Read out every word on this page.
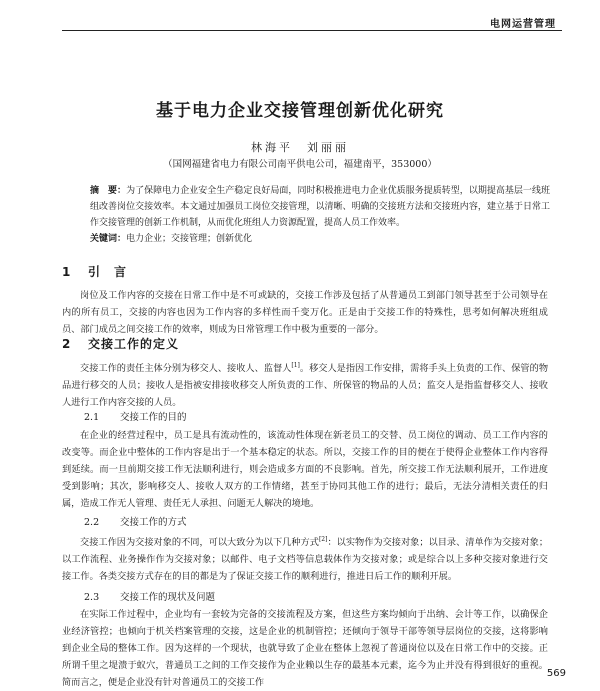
电网运营管理
基于电力企业交接管理创新优化研究
林海平　刘丽丽
（国网福建省电力有限公司南平供电公司，福建南平，353000）
摘　要：为了保障电力企业安全生产稳定良好局面，同时积极推进电力企业优质服务提质转型，以期提高基层一线班组改善岗位交接效率。本文通过加强员工岗位交接管理，以清晰、明确的交接班方法和交接班内容，建立基于日常工作交接管理的创新工作机制，从而优化班组人力资源配置，提高人员工作效率。
关键词：电力企业；交接管理；创新优化
1 引　言
岗位及工作内容的交接在日常工作中是不可或缺的，交接工作涉及包括了从普通员工到部门领导甚至于公司领导在内的所有员工，交接的内容也因为工作内容的多样性而千变万化。正是由于交接工作的特殊性，思考如何解决班组成员、部门成员之间交接工作的效率，则成为日常管理工作中极为重要的一部分。
2 交接工作的定义
交接工作的责任主体分别为移交人、接收人、监督人[1]。移交人是指因工作安排，需将手头上负责的工作、保管的物品进行移交的人员；接收人是指被安排接收移交人所负责的工作、所保管的物品的人员；监交人是指监督移交人、接收人进行工作内容交接的人员。
2.1 交接工作的目的
在企业的经营过程中，员工是具有流动性的，该流动性体现在新老员工的交替、员工岗位的调动、员工工作内容的改变等。而企业中整体的工作内容是出于一个基本稳定的状态。所以，交接工作的目的便在于使得企业整体工作内容得到延续。而一旦前期交接工作无法顺利进行，则会造成多方面的不良影响。首先，所交接工作无法顺利展开，工作进度受到影响；其次，影响移交人、接收人双方的工作情绪，甚至于协同其他工作的进行；最后，无法分清相关责任的归属，造成工作无人管理、责任无人承担、问题无人解决的境地。
2.2 交接工作的方式
交接工作因为交接对象的不同，可以大致分为以下几种方式[2]：以实物作为交接对象；以目录、清单作为交接对象；以工作流程、业务操作作为交接对象；以邮件、电子文档等信息载体作为交接对象；或是综合以上多种交接对象进行交接工作。各类交接方式存在的目的都是为了保证交接工作的顺利进行，推进日后工作的顺利开展。
2.3 交接工作的现状及问题
在实际工作过程中，企业均有一套较为完备的交接流程及方案，但这些方案均倾向于出纳、会计等工作，以确保企业经济管控；也倾向于机关档案管理的交接，这是企业的机制管控；还倾向于领导干部等领导层岗位的交接，这将影响到企业全局的整体工作。因为这样的一个现状，也就导致了企业在整体上忽视了普通岗位以及在日常工作中的交接。正所谓千里之堤溃于蚁穴，普通员工之间的工作交接作为企业赖以生存的最基本元素，迄今为止并没有得到很好的重视。简而言之，便是企业没有针对普通员工的交接工作
569
